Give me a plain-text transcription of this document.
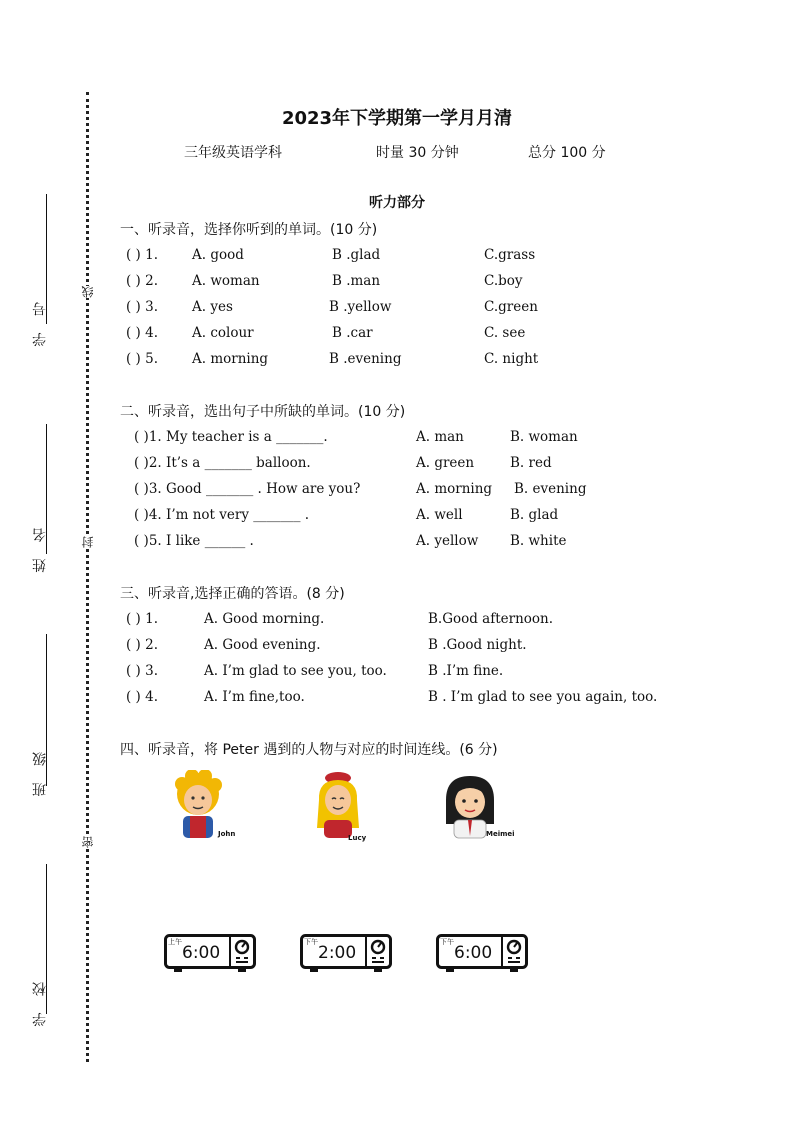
学 号
姓 名
班 级
学 校
线
封
密
2023年下学期第一学月月清
三年级英语学科	时量 30 分钟	总分 100 分
听力部分
一、听录音，选择你听到的单词。(10 分)
( ) 1.	A. good	B .glad	C.grass
( ) 2.	A. woman	B .man	C.boy
( ) 3.	A. yes	B .yellow	C.green
( ) 4.	A. colour	B .car	C. see
( ) 5.	A. morning	B .evening	C. night
二、听录音，选出句子中所缺的单词。(10 分)
( )1. My teacher is a _______.	A. man	B. woman
( )2. It’s a _______ balloon.	A. green	B. red
( )3. Good _______ . How are you?	A. morning B. evening
( )4. I’m not very _______ .	A. well	B. glad
( )5. I like ______ .	A. yellow B. white
三、听录音,选择正确的答语。(8 分)
( ) 1.	A. Good morning.	B.Good afternoon.
( ) 2.	A. Good evening.	B .Good night.
( ) 3.	A. I’m glad to see you, too.	B .I’m fine.
( ) 4.	A. I’m fine,too.	B . I’m glad to see you again, too.
四、听录音，将 Peter 遇到的人物与对应的时间连线。(6 分)
John	Lucy	Meimei
上午
6:00
下午
2:00
下午
6:00
